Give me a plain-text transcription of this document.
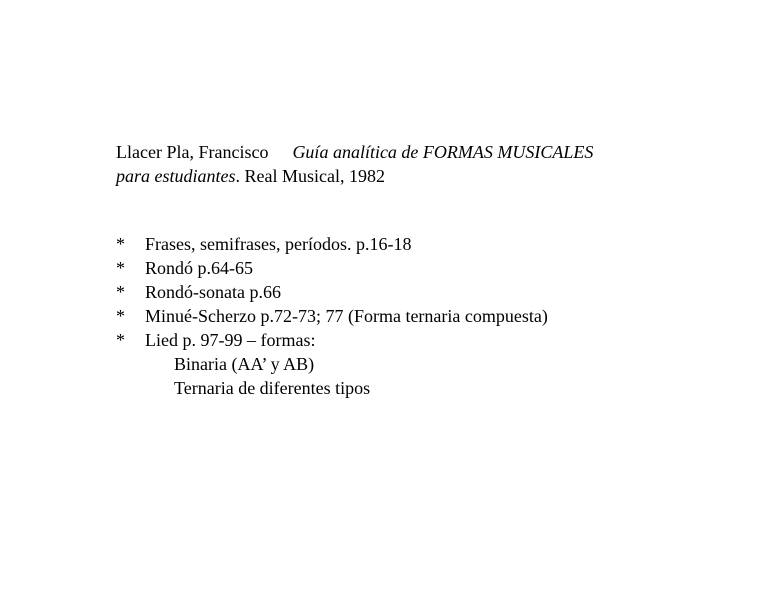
Llacer Pla, Francisco Guía analítica de FORMAS MUSICALES
para estudiantes. Real Musical, 1982
*	Frases, semifrases, períodos. p.16-18
*	Rondó p.64-65
*	Rondó-sonata p.66
*	Minué-Scherzo p.72-73; 77 (Forma ternaria compuesta)
*	Lied p. 97-99 – formas:
Binaria (AA’ y AB)
Ternaria de diferentes tipos
